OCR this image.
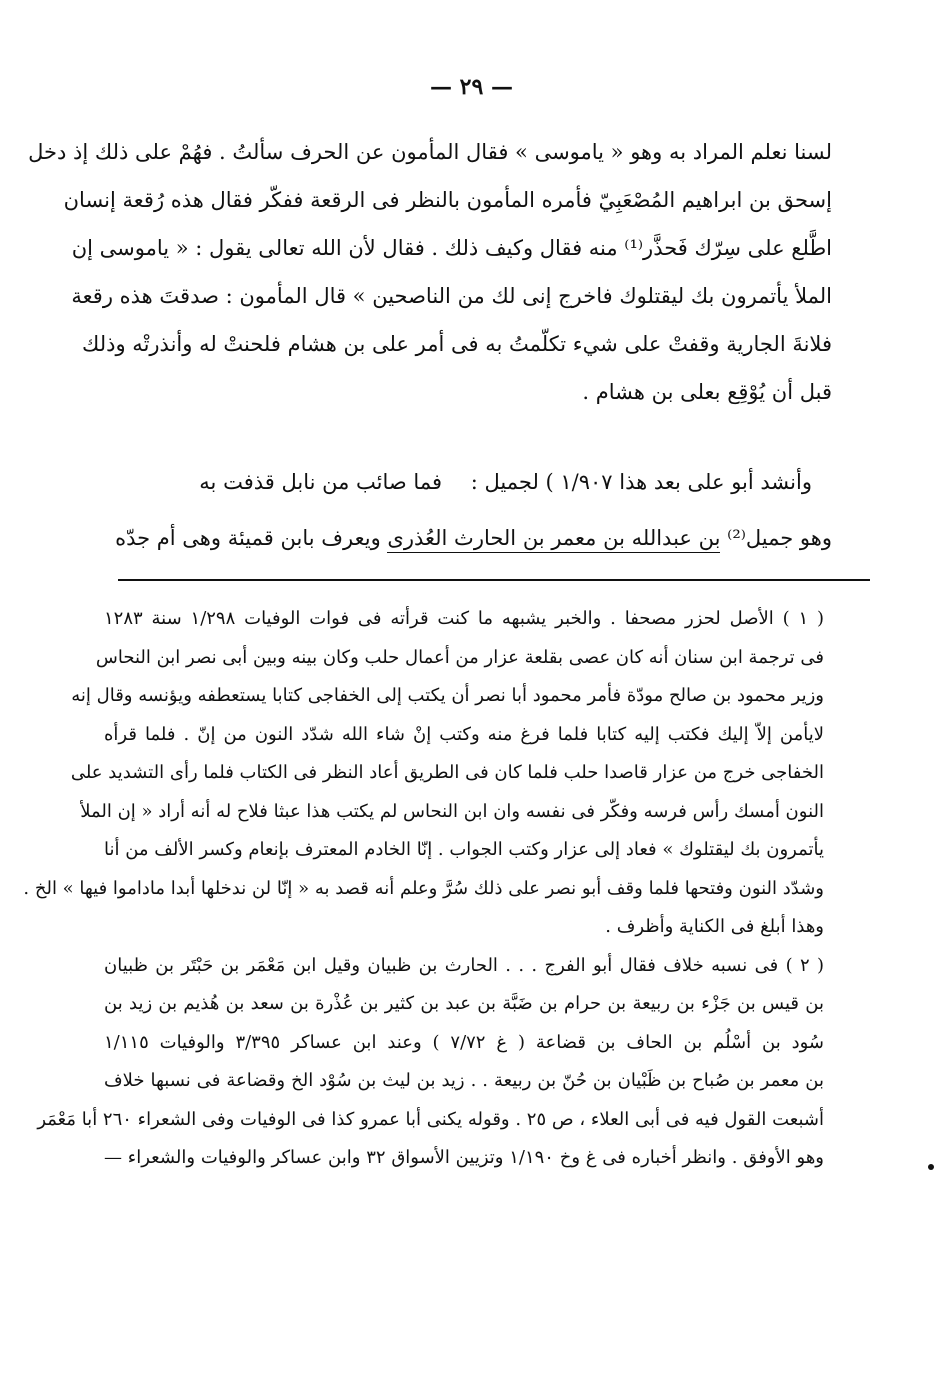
— ٢٩ —
لسنا نعلم المراد به وهو « ياموسى » فقال المأمون عن الحرف سألتُ . فهُمْ على ذلك إذ دخل
إسحق بن ابراهيم المُصْعَبِيّ فأمره المأمون بالنظر فى الرقعة ففكّر فقال هذه رُقعة إنسان
اطَّلع على سِرّك فَحذَّر⁽¹⁾ منه فقال وكيف ذلك . فقال لأن الله تعالى يقول : « ياموسى إن
الملأ يأتمرون بك ليقتلوك فاخرج إنى لك من الناصحين » قال المأمون : صدقتَ هذه رقعة
فلانةَ الجارية وقفتْ على شيء تكلّمتُ به فى أمر على بن هشام فلحنتْ له وأنذرتْه وذلك
قبل أن يُوْقِع بعلى بن هشام .
وأنشد أبو على بعد هذا ١/٩٠٧ ) لجميل :
فما صائب من نابل قذفت به
وهو جميل⁽²⁾ بن عبدالله بن معمر بن الحارث العُذرى ويعرف بابن قميئة وهى أم جدّه
( ١ ) الأصل لحزر مصحفا . والخبر يشبهه ما كنت قرأته فى فوات الوفيات ١/٢٩٨ سنة ١٢٨٣
فى ترجمة ابن سنان أنه كان عصى بقلعة عزار من أعمال حلب وكان بينه وبين أبى نصر ابن النحاس
وزير محمود بن صالح مودّة فأمر محمود أبا نصر أن يكتب إلى الخفاجى كتابا يستعطفه ويؤنسه وقال إنه
لايأمن إلاّ إليك فكتب إليه كتابا فلما فرغ منه وكتب إنْ شاء الله شدّد النون من إنّ . فلما قرأه
الخفاجى خرج من عزار قاصدا حلب فلما كان فى الطريق أعاد النظر فى الكتاب فلما رأى التشديد على
النون أمسك رأس فرسه وفكّر فى نفسه وان ابن النحاس لم يكتب هذا عبثا فلاح له أنه أراد « إن الملأ
يأتمرون بك ليقتلوك » فعاد إلى عزار وكتب الجواب . إنّا الخادم المعترف بإنعام وكسر الألف من أنا
وشدّد النون وفتحها فلما وقف أبو نصر على ذلك سُرَّ وعلم أنه قصد به « إنّا لن ندخلها أبدا ماداموا فيها » الخ .
وهذا أبلغ فى الكناية وأظرف .
( ٢ ) فى نسبه خلاف فقال أبو الفرج . . . الحارث بن ظبيان وقيل ابن مَعْمَر بن حَبْتَر بن ظبيان
بن قيس بن جَزْء بن ربيعة بن حرام بن ضَبَّة بن عبد بن كثير بن عُذْرة بن سعد بن هُذيم بن زيد بن
سُود بن أسْلُم بن الحاف بن قضاعة ( غ ٧/٧٢ ) وعند ابن عساكر ٣/٣٩٥ والوفيات ١/١١٥
بن معمر بن صُباح بن ظَبْيان بن حُنّ بن ربيعة . . زيد بن ليث بن سُوْد الخ وقضاعة فى نسبها خلاف
أشبعت القول فيه فى أبى العلاء ، ص ٢٥ . وقوله يكنى أبا عمرو كذا فى الوفيات وفى الشعراء ٢٦٠ أبا مَعْمَر
وهو الأوفق . وانظر أخباره فى غ وخ ١/١٩٠ وتزيين الأسواق ٣٢ وابن عساكر والوفيات والشعراء —
